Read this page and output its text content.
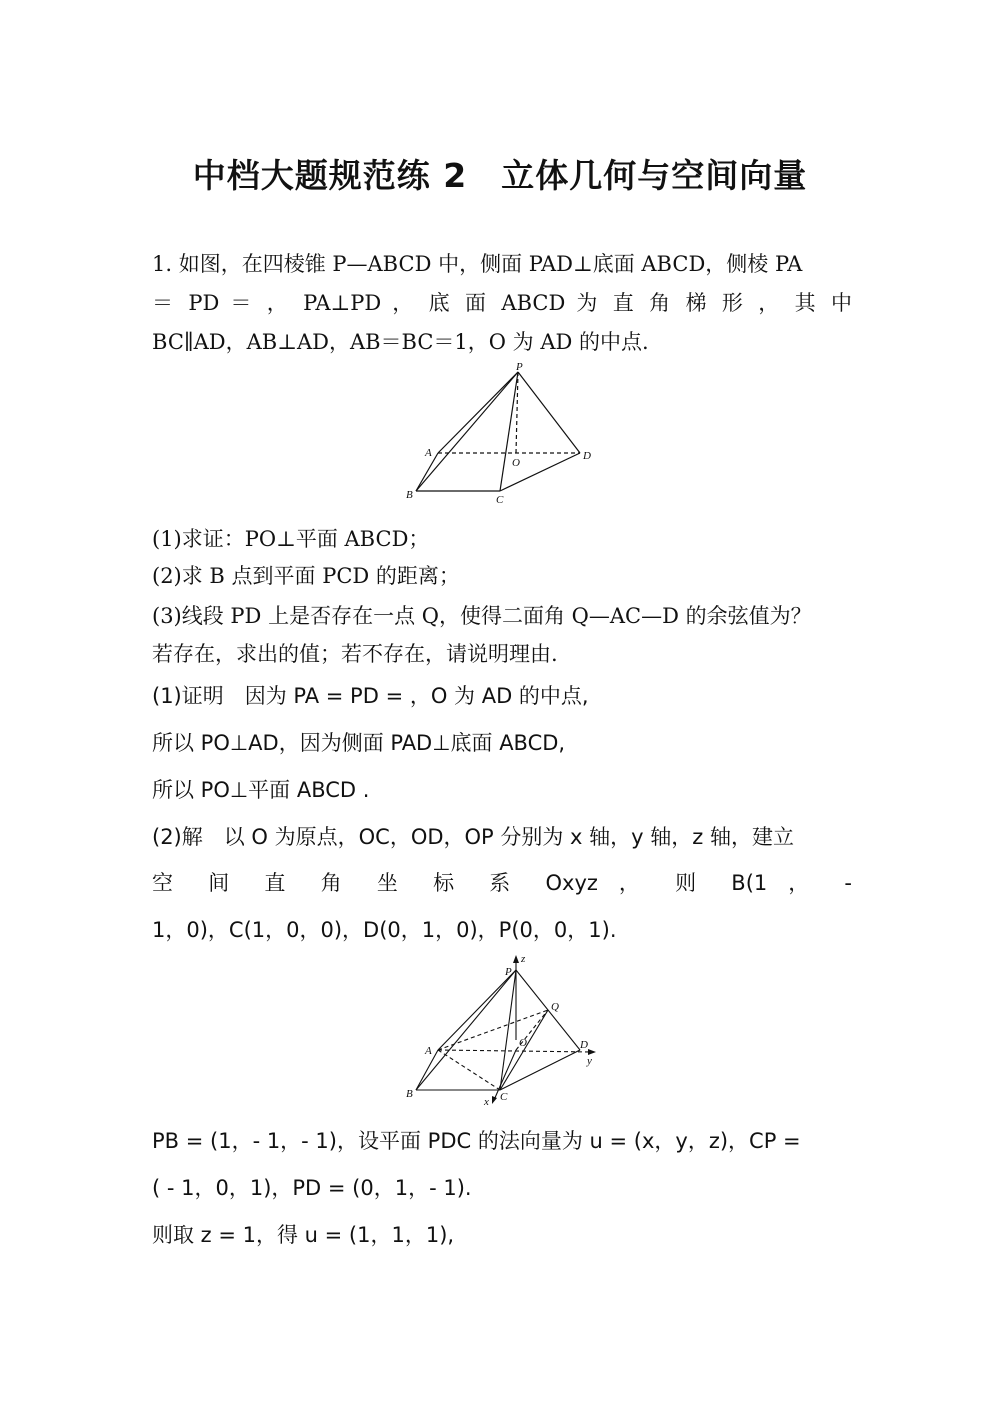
中档大题规范练 2　立体几何与空间向量
1. 如图，在四棱锥 P—ABCD 中，侧面 PAD⊥底面 ABCD，侧棱 PA
＝ PD ＝ ， PA⊥PD ， 底 面 ABCD 为 直 角 梯 形 ， 其 中
BC∥AD，AB⊥AD，AB＝BC＝1，O 为 AD 的中点.
P
A
B	C
D
O
(1)求证：PO⊥平面 ABCD；
(2)求 B 点到平面 PCD 的距离；
(3)线段 PD 上是否存在一点 Q，使得二面角 Q—AC—D 的余弦值为？
若存在，求出的值；若不存在，请说明理由.
(1)证明　因为 PA = PD = ，O 为 AD 的中点,
所以 PO⊥AD，因为侧面 PAD⊥底面 ABCD,
所以 PO⊥平面 ABCD .
(2)解　以 O 为原点，OC，OD，OP 分别为 x 轴，y 轴，z 轴，建立
空 间 直 角 坐 标 系 Oxyz ， 则 B(1 ， -
1，0)，C(1，0，0)，D(0，1，0)，P(0，0，1).
z
P
Q
A
O	D
y
B
x C
PB = (1，- 1，- 1)，设平面 PDC 的法向量为 u = (x，y，z)，CP =
( - 1，0，1)，PD = (0，1，- 1).
则取 z = 1，得 u = (1，1，1),
